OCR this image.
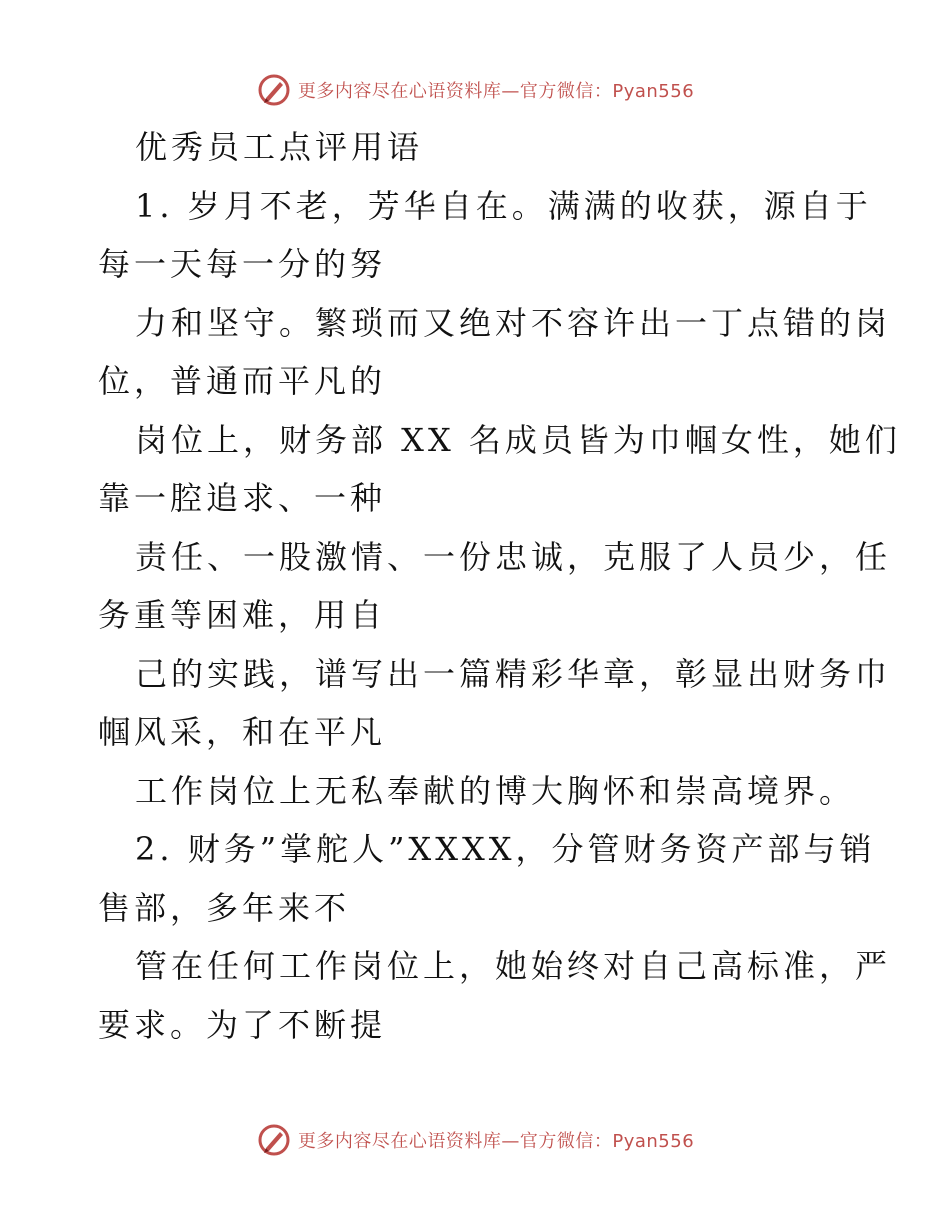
更多内容尽在心语资料库—官方微信：Pyan556
优秀员工点评用语
1. 岁月不老，芳华自在。满满的收获，源自于
每一天每一分的努
力和坚守。繁琐而又绝对不容许出一丁点错的岗
位，普通而平凡的
岗位上，财务部 XX 名成员皆为巾帼女性，她们
靠一腔追求、一种
责任、一股激情、一份忠诚，克服了人员少，任
务重等困难，用自
己的实践，谱写出一篇精彩华章，彰显出财务巾
帼风采，和在平凡
工作岗位上无私奉献的博大胸怀和崇高境界。
2. 财务”掌舵人”XXXX，分管财务资产部与销
售部，多年来不
管在任何工作岗位上，她始终对自己高标准，严
要求。为了不断提
更多内容尽在心语资料库—官方微信：Pyan556
